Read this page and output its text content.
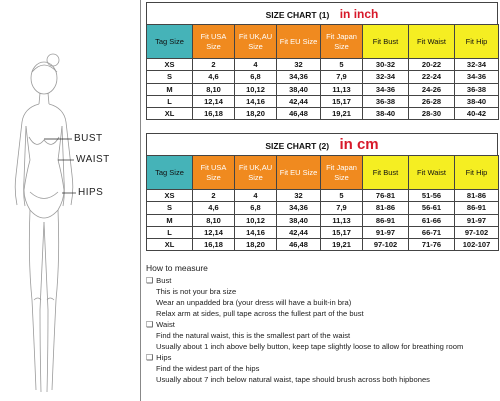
BUST
WAIST
HIPS
SIZE CHART (1) in inch
Tag Size	Fit USA Size	Fit UK,AU Size	Fit EU Size	Fit Japan Size	Fit Bust	Fit Waist	Fit Hip
XS	2	4	32	5	30-32	20-22	32-34
S	4,6	6,8	34,36	7,9	32-34	22-24	34-36
M	8,10	10,12	38,40	11,13	34-36	24-26	36-38
L	12,14	14,16	42,44	15,17	36-38	26-28	38-40
XL	16,18	18,20	46,48	19,21	38-40	28-30	40-42
SIZE CHART (2) in cm
Tag Size	Fit USA Size	Fit UK,AU Size	Fit EU Size	Fit Japan Size	Fit Bust	Fit Waist	Fit Hip
XS	2	4	32	5	76-81	51-56	81-86
S	4,6	6,8	34,36	7,9	81-86	56-61	86-91
M	8,10	10,12	38,40	11,13	86-91	61-66	91-97
L	12,14	14,16	42,44	15,17	91-97	66-71	97-102
XL	16,18	18,20	46,48	19,21	97-102	71-76	102-107
How to measure
❑ Bust
This is not your bra size
Wear an unpadded bra (your dress will have a built-in bra)
Relax arm at sides, pull tape across the fullest part of the bust
❑ Waist
Find the natural waist, this is the smallest part of the waist
Usually about 1 inch above belly button, keep tape slightly loose to allow for breathing room
❑ Hips
Find the widest part of the hips
Usually about 7 inch below natural waist, tape should brush across both hipbones
